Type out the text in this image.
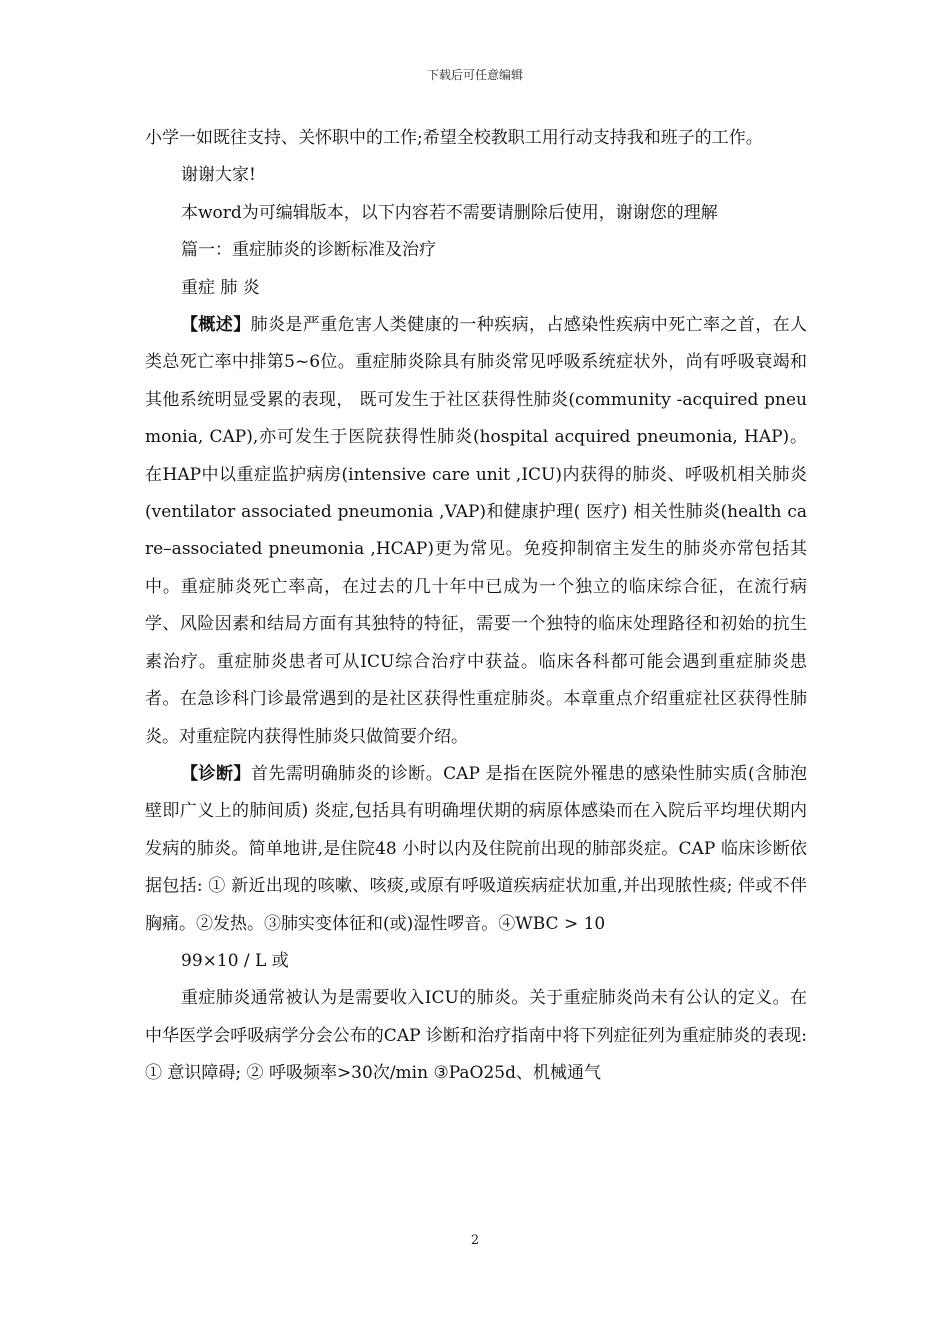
下载后可任意编辑

小学一如既往支持、关怀职中的工作;希望全校教职工用行动支持我和班子的工作。

谢谢大家!

本word为可编辑版本，以下内容若不需要请删除后使用，谢谢您的理解

篇一：重症肺炎的诊断标准及治疗

重症 肺 炎

【概述】肺炎是严重危害人类健康的一种疾病，占感染性疾病中死亡率之首，在人类总死亡率中排第5~6位。重症肺炎除具有肺炎常见呼吸系统症状外，尚有呼吸衰竭和其他系统明显受累的表现， 既可发生于社区获得性肺炎(community -acquired pneumonia, CAP),亦可发生于医院获得性肺炎(hospital acquired pneumonia, HAP)。在HAP中以重症监护病房(intensive care unit ,ICU)内获得的肺炎、呼吸机相关肺炎(ventilator associated pneumonia ,VAP)和健康护理( 医疗) 相关性肺炎(health care–associated pneumonia ,HCAP)更为常见。免疫抑制宿主发生的肺炎亦常包括其中。重症肺炎死亡率高，在过去的几十年中已成为一个独立的临床综合征，在流行病学、风险因素和结局方面有其独特的特征，需要一个独特的临床处理路径和初始的抗生素治疗。重症肺炎患者可从ICU综合治疗中获益。临床各科都可能会遇到重症肺炎患者。在急诊科门诊最常遇到的是社区获得性重症肺炎。本章重点介绍重症社区获得性肺炎。对重症院内获得性肺炎只做简要介绍。

【诊断】首先需明确肺炎的诊断。CAP 是指在医院外罹患的感染性肺实质(含肺泡壁即广义上的肺间质) 炎症,包括具有明确埋伏期的病原体感染而在入院后平均埋伏期内发病的肺炎。简单地讲,是住院48 小时以内及住院前出现的肺部炎症。CAP 临床诊断依据包括: ① 新近出现的咳嗽、咳痰,或原有呼吸道疾病症状加重,并出现脓性痰; 伴或不伴胸痛。②发热。③肺实变体征和(或)湿性啰音。④WBC > 10

99×10 / L 或

重症肺炎通常被认为是需要收入ICU的肺炎。关于重症肺炎尚未有公认的定义。在中华医学会呼吸病学分会公布的CAP 诊断和治疗指南中将下列症征列为重症肺炎的表现: ① 意识障碍; ② 呼吸频率>30次/min ③PaO25d、机械通气

2
